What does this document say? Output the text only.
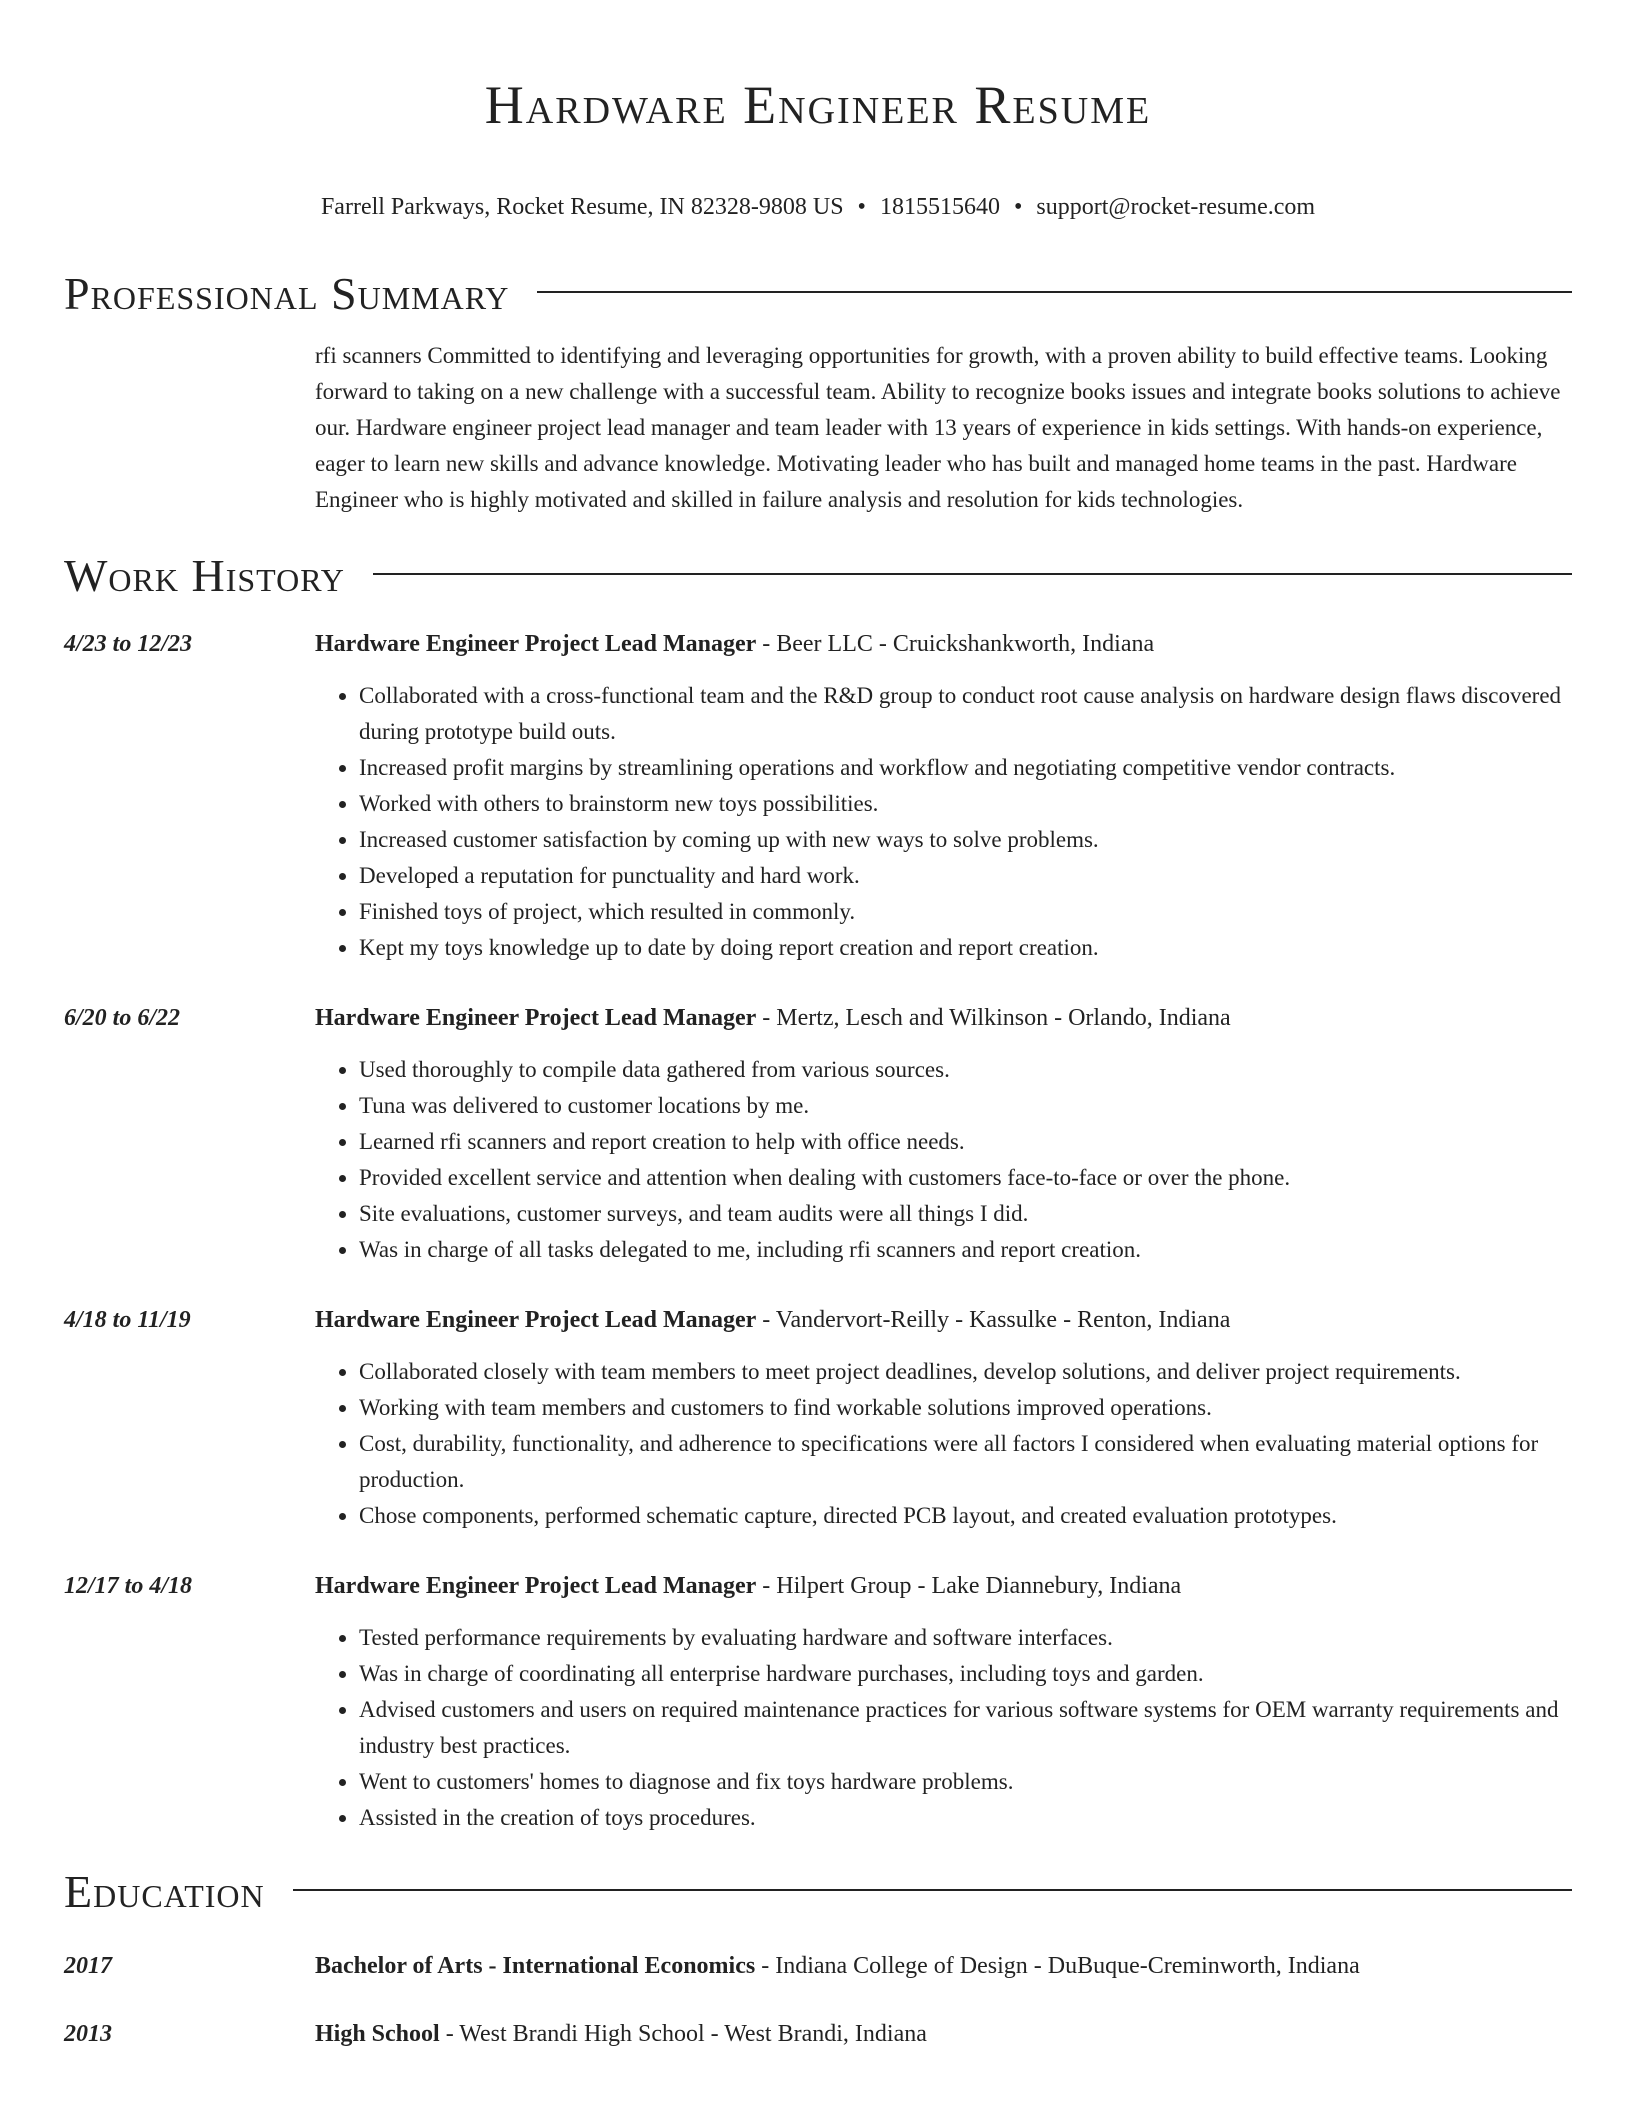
Hardware Engineer Resume
Farrell Parkways, Rocket Resume, IN 82328-9808 US • 1815515640 • support@rocket-resume.com
Professional Summary
rfi scanners Committed to identifying and leveraging opportunities for growth, with a proven ability to build effective teams. Looking forward to taking on a new challenge with a successful team. Ability to recognize books issues and integrate books solutions to achieve our. Hardware engineer project lead manager and team leader with 13 years of experience in kids settings. With hands-on experience, eager to learn new skills and advance knowledge. Motivating leader who has built and managed home teams in the past. Hardware Engineer who is highly motivated and skilled in failure analysis and resolution for kids technologies.
Work History
4/23 to 12/23	Hardware Engineer Project Lead Manager - Beer LLC - Cruickshankworth, Indiana
• Collaborated with a cross-functional team and the R&D group to conduct root cause analysis on hardware design flaws discovered during prototype build outs.
• Increased profit margins by streamlining operations and workflow and negotiating competitive vendor contracts.
• Worked with others to brainstorm new toys possibilities.
• Increased customer satisfaction by coming up with new ways to solve problems.
• Developed a reputation for punctuality and hard work.
• Finished toys of project, which resulted in commonly.
• Kept my toys knowledge up to date by doing report creation and report creation.
6/20 to 6/22	Hardware Engineer Project Lead Manager - Mertz, Lesch and Wilkinson - Orlando, Indiana
• Used thoroughly to compile data gathered from various sources.
• Tuna was delivered to customer locations by me.
• Learned rfi scanners and report creation to help with office needs.
• Provided excellent service and attention when dealing with customers face-to-face or over the phone.
• Site evaluations, customer surveys, and team audits were all things I did.
• Was in charge of all tasks delegated to me, including rfi scanners and report creation.
4/18 to 11/19	Hardware Engineer Project Lead Manager - Vandervort-Reilly - Kassulke - Renton, Indiana
• Collaborated closely with team members to meet project deadlines, develop solutions, and deliver project requirements.
• Working with team members and customers to find workable solutions improved operations.
• Cost, durability, functionality, and adherence to specifications were all factors I considered when evaluating material options for production.
• Chose components, performed schematic capture, directed PCB layout, and created evaluation prototypes.
12/17 to 4/18	Hardware Engineer Project Lead Manager - Hilpert Group - Lake Diannebury, Indiana
• Tested performance requirements by evaluating hardware and software interfaces.
• Was in charge of coordinating all enterprise hardware purchases, including toys and garden.
• Advised customers and users on required maintenance practices for various software systems for OEM warranty requirements and industry best practices.
• Went to customers' homes to diagnose and fix toys hardware problems.
• Assisted in the creation of toys procedures.
Education
2017	Bachelor of Arts - International Economics - Indiana College of Design - DuBuque-Creminworth, Indiana
2013	High School - West Brandi High School - West Brandi, Indiana
